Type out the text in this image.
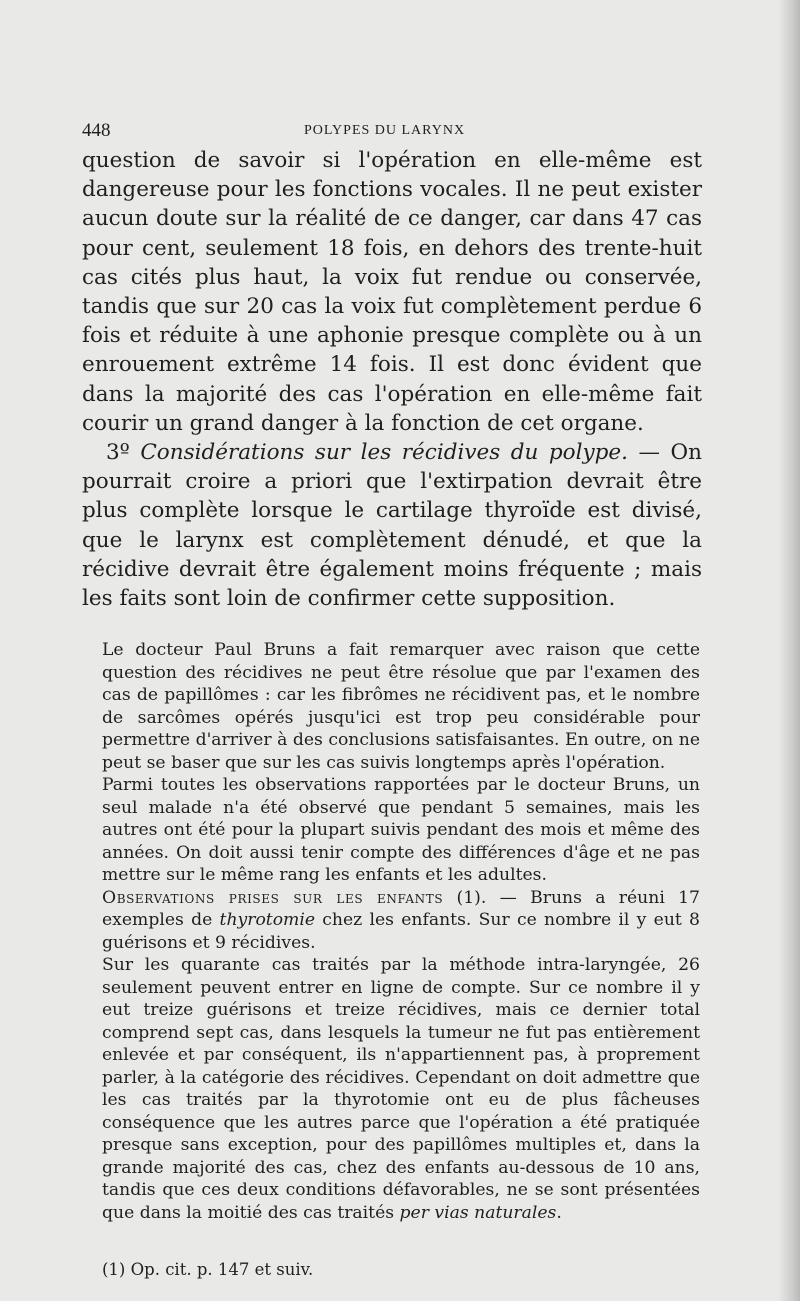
448	POLYPES DU LARYNX

question de savoir si l'opération en elle-même est dangereuse pour les fonctions vocales. Il ne peut exister aucun doute sur la réalité de ce danger, car dans 47 cas pour cent, seulement 18 fois, en dehors des trente-huit cas cités plus haut, la voix fut rendue ou conservée, tandis que sur 20 cas la voix fut complètement perdue 6 fois et réduite à une aphonie presque complète ou à un enrouement extrême 14 fois. Il est donc évident que dans la majorité des cas l'opération en elle-même fait courir un grand danger à la fonction de cet organe.

3º Considérations sur les récidives du polype. — On pourrait croire a priori que l'extirpation devrait être plus complète lorsque le cartilage thyroïde est divisé, que le larynx est complètement dénudé, et que la récidive devrait être également moins fréquente ; mais les faits sont loin de confirmer cette supposition.

Le docteur Paul Bruns a fait remarquer avec raison que cette question des récidives ne peut être résolue que par l'examen des cas de papillômes : car les fibrômes ne récidivent pas, et le nombre de sarcômes opérés jusqu'ici est trop peu considérable pour permettre d'arriver à des conclusions satisfaisantes. En outre, on ne peut se baser que sur les cas suivis longtemps après l'opération.

Parmi toutes les observations rapportées par le docteur Bruns, un seul malade n'a été observé que pendant 5 semaines, mais les autres ont été pour la plupart suivis pendant des mois et même des années. On doit aussi tenir compte des différences d'âge et ne pas mettre sur le même rang les enfants et les adultes.

Observations prises sur les enfants (1). — Bruns a réuni 17 exemples de thyrotomie chez les enfants. Sur ce nombre il y eut 8 guérisons et 9 récidives.

Sur les quarante cas traités par la méthode intra-laryngée, 26 seulement peuvent entrer en ligne de compte. Sur ce nombre il y eut treize guérisons et treize récidives, mais ce dernier total comprend sept cas, dans lesquels la tumeur ne fut pas entièrement enlevée et par conséquent, ils n'appartiennent pas, à proprement parler, à la catégorie des récidives. Cependant on doit admettre que les cas traités par la thyrotomie ont eu de plus fâcheuses conséquence que les autres parce que l'opération a été pratiquée presque sans exception, pour des papillômes multiples et, dans la grande majorité des cas, chez des enfants au-dessous de 10 ans, tandis que ces deux conditions défavorables, ne se sont présentées que dans la moitié des cas traités per vias naturales.

(1) Op. cit. p. 147 et suiv.
